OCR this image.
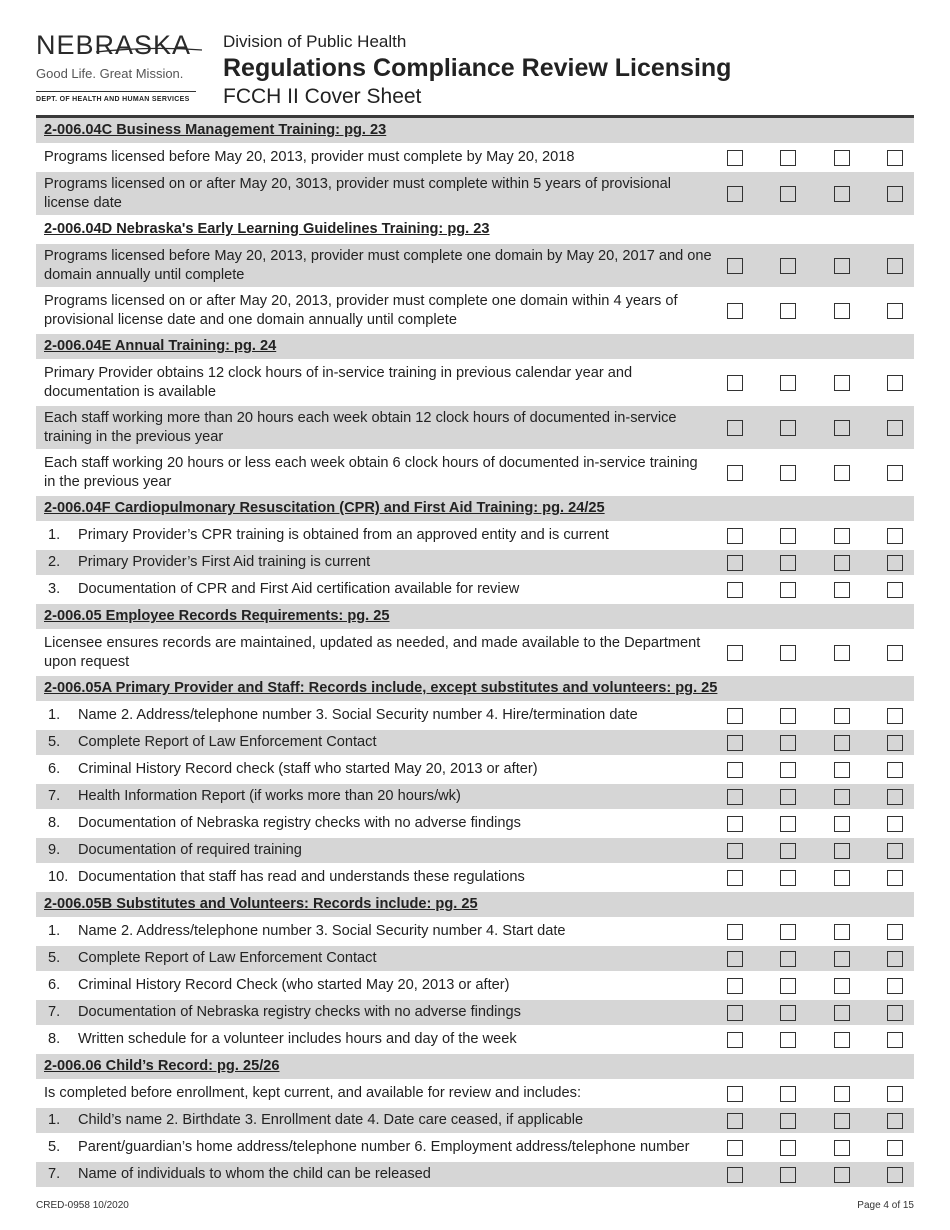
NEBRASKA
Good Life. Great Mission.
DEPT. OF HEALTH AND HUMAN SERVICES
Division of Public Health
Regulations Compliance Review Licensing
FCCH II Cover Sheet
2-006.04C Business Management Training: pg. 23
Programs licensed before May 20, 2013, provider must complete by May 20, 2018
Programs licensed on or after May 20, 3013, provider must complete within 5 years of provisional license date
2-006.04D Nebraska's Early Learning Guidelines Training: pg. 23
Programs licensed before May 20, 2013, provider must complete one domain by May 20, 2017 and one domain annually until complete
Programs licensed on or after May 20, 2013, provider must complete one domain within 4 years of provisional license date and one domain annually until complete
2-006.04E Annual Training: pg. 24
Primary Provider obtains 12 clock hours of in-service training in previous calendar year and documentation is available
Each staff working more than 20 hours each week obtain 12 clock hours of documented in-service training in the previous year
Each staff working 20 hours or less each week obtain 6 clock hours of documented in-service training in the previous year
2-006.04F Cardiopulmonary Resuscitation (CPR) and First Aid Training: pg. 24/25
1. Primary Provider’s CPR training is obtained from an approved entity and is current
2. Primary Provider’s First Aid training is current
3. Documentation of CPR and First Aid certification available for review
2-006.05 Employee Records Requirements: pg. 25
Licensee ensures records are maintained, updated as needed, and made available to the Department upon request
2-006.05A Primary Provider and Staff: Records include, except substitutes and volunteers: pg. 25
1. Name 2. Address/telephone number 3. Social Security number 4. Hire/termination date
5. Complete Report of Law Enforcement Contact
6. Criminal History Record check (staff who started May 20, 2013 or after)
7. Health Information Report (if works more than 20 hours/wk)
8. Documentation of Nebraska registry checks with no adverse findings
9. Documentation of required training
10. Documentation that staff has read and understands these regulations
2-006.05B Substitutes and Volunteers: Records include: pg. 25
1. Name 2. Address/telephone number 3. Social Security number 4. Start date
5. Complete Report of Law Enforcement Contact
6. Criminal History Record Check (who started May 20, 2013 or after)
7. Documentation of Nebraska registry checks with no adverse findings
8. Written schedule for a volunteer includes hours and day of the week
2-006.06 Child’s Record: pg. 25/26
Is completed before enrollment, kept current, and available for review and includes:
1. Child’s name 2. Birthdate 3. Enrollment date 4. Date care ceased, if applicable
5. Parent/guardian’s home address/telephone number 6. Employment address/telephone number
7. Name of individuals to whom the child can be released
CRED-0958 10/2020	Page 4 of 15
